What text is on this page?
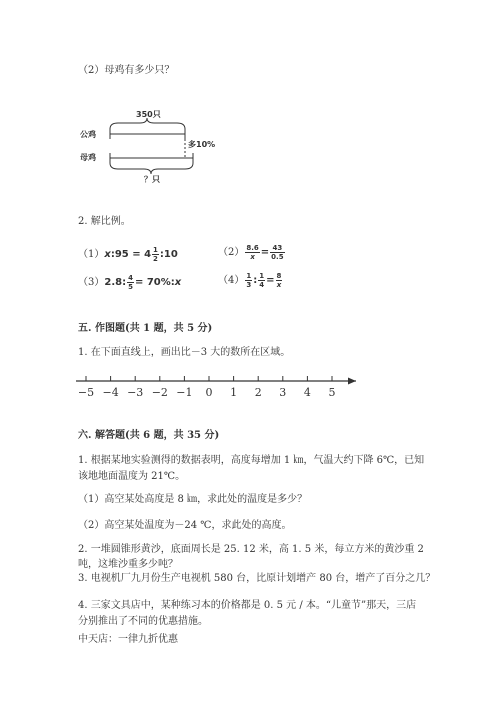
（2）母鸡有多少只？
350只
公鸡
多10%
母鸡
？只
2. 解比例。
（1）x:95 = $4 \frac{1}{2}$ :10	$(2) \frac{8.6}{x} = \frac{43}{0.5}$
（3）2.8: $\frac{4}{5}$ = 70%:x	$(4) \frac{1}{3}$ : $\frac{1}{4} = \frac{8}{x}$
五. 作图题(共 1 题，共 5 分)
1. 在下面直线上，画出比－3 大的数所在区域。
−5 −4 −3 −2 −1	0	1	2	3	4	5
六. 解答题(共 6 题，共 35 分)
1. 根据某地实验测得的数据表明，高度每增加 1 ㎞，气温大约下降 6℃，已知
该地地面温度为 21℃。
（1）高空某处高度是 8 ㎞，求此处的温度是多少？
（2）高空某处温度为－24 ℃，求此处的高度。
2. 一堆圆锥形黄沙，底面周长是 25. 12 米，高 1. 5 米，每立方米的黄沙重 2
吨，这堆沙重多少吨？
3. 电视机厂九月份生产电视机 580 台，比原计划增产 80 台，增产了百分之几？
4. 三家文具店中，某种练习本的价格都是 0. 5 元 / 本。“儿童节”那天，三店
分别推出了不同的优惠措施。
中天店：一律九折优惠
